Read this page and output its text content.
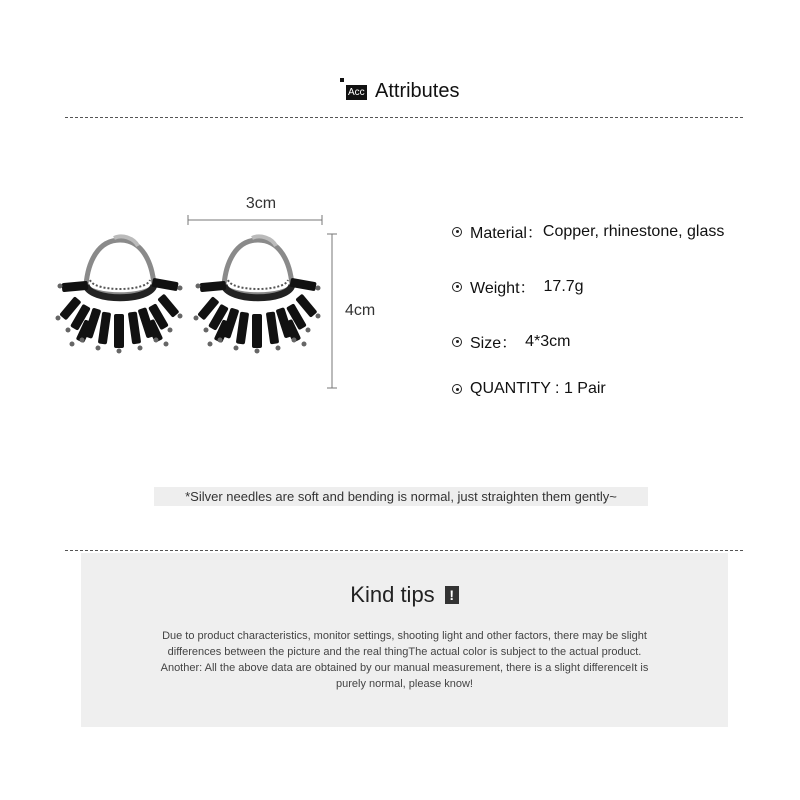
Acc Attributes
3cm
4cm
Material： Copper, rhinestone, glass
Weight： 17.7g
Size： 4*3cm
QUANTITY : 1 Pair
*Silver needles are soft and bending is normal, just straighten them gently~
Kind tips !
Due to product characteristics, monitor settings, shooting light and other factors, there may be slight
differences between the picture and the real thingThe actual color is subject to the actual product.
Another: All the above data are obtained by our manual measurement, there is a slight differenceIt is
purely normal, please know!
